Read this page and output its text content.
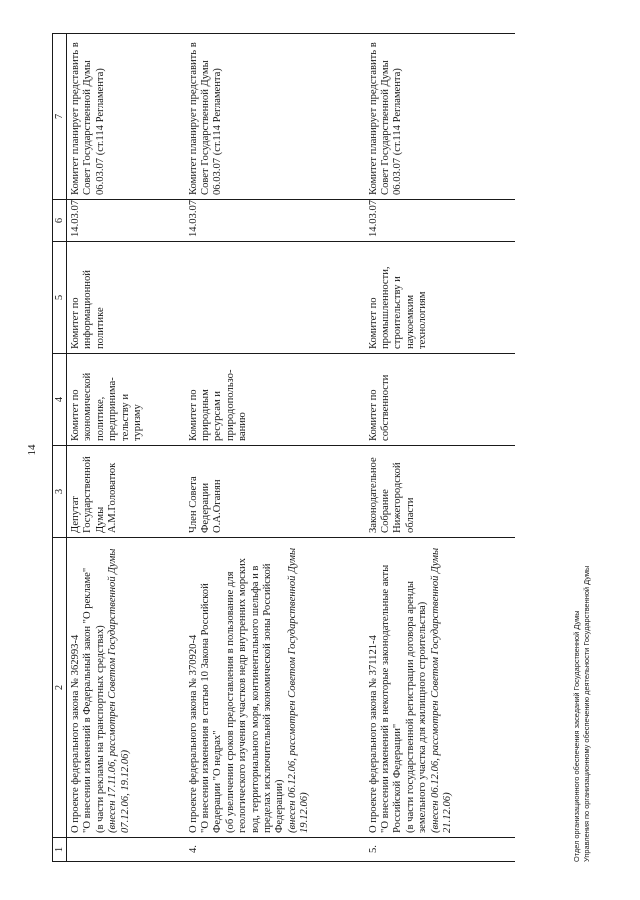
14
1	2	3	4	5	6	7

	О проекте федерального закона № 362993-4 "О внесении изменений в Федеральный закон "О рекламе" (в части рекламы на транспортных средствах) (внесен 17.11.06, рассмотрен Советом Государственной Думы 07.12.06, 19.12.06)	Депутат Государственной Думы А.М.Головатюк	Комитет по экономической политике, предпринима-тельству и туризму	Комитет по информационной политике	14.03.07	Комитет планирует представить в Совет Государственной Думы 06.03.07 (ст.114 Регламента)
4.	О проекте федерального закона № 370920-4 "О внесении изменения в статью 10 Закона Российской Федерации "О недрах" (об увеличении сроков предоставления в пользование для геологического изучения участков недр внутренних морских вод, территориального моря, континентального шельфа и в пределах исключительной экономической зоны Российской Федерации) (внесен 06.12.06, рассмотрен Советом Государственной Думы 19.12.06)	Член Совета Федерации О.А.Оганян	Комитет по природным ресурсам и природопользо-ванию		14.03.07	Комитет планирует представить в Совет Государственной Думы 06.03.07 (ст.114 Регламента)
5.	О проекте федерального закона № 371121-4 "О внесении изменений в некоторые законодательные акты Российской Федерации" (в части государственной регистрации договора аренды земельного участка для жилищного строительства) (внесен 06.12.06, рассмотрен Советом Государственной Думы 21.12.06)	Законодательное Собрание Нижегородской области	Комитет по собственности	Комитет по промышленности, строительству и наукоемким технологиям	14.03.07	Комитет планирует представить в Совет Государственной Думы 06.03.07 (ст.114 Регламента)
Отдел организационного обеспечения заседаний Государственной Думы Управления по организационному обеспечению деятельности Государственной Думы
